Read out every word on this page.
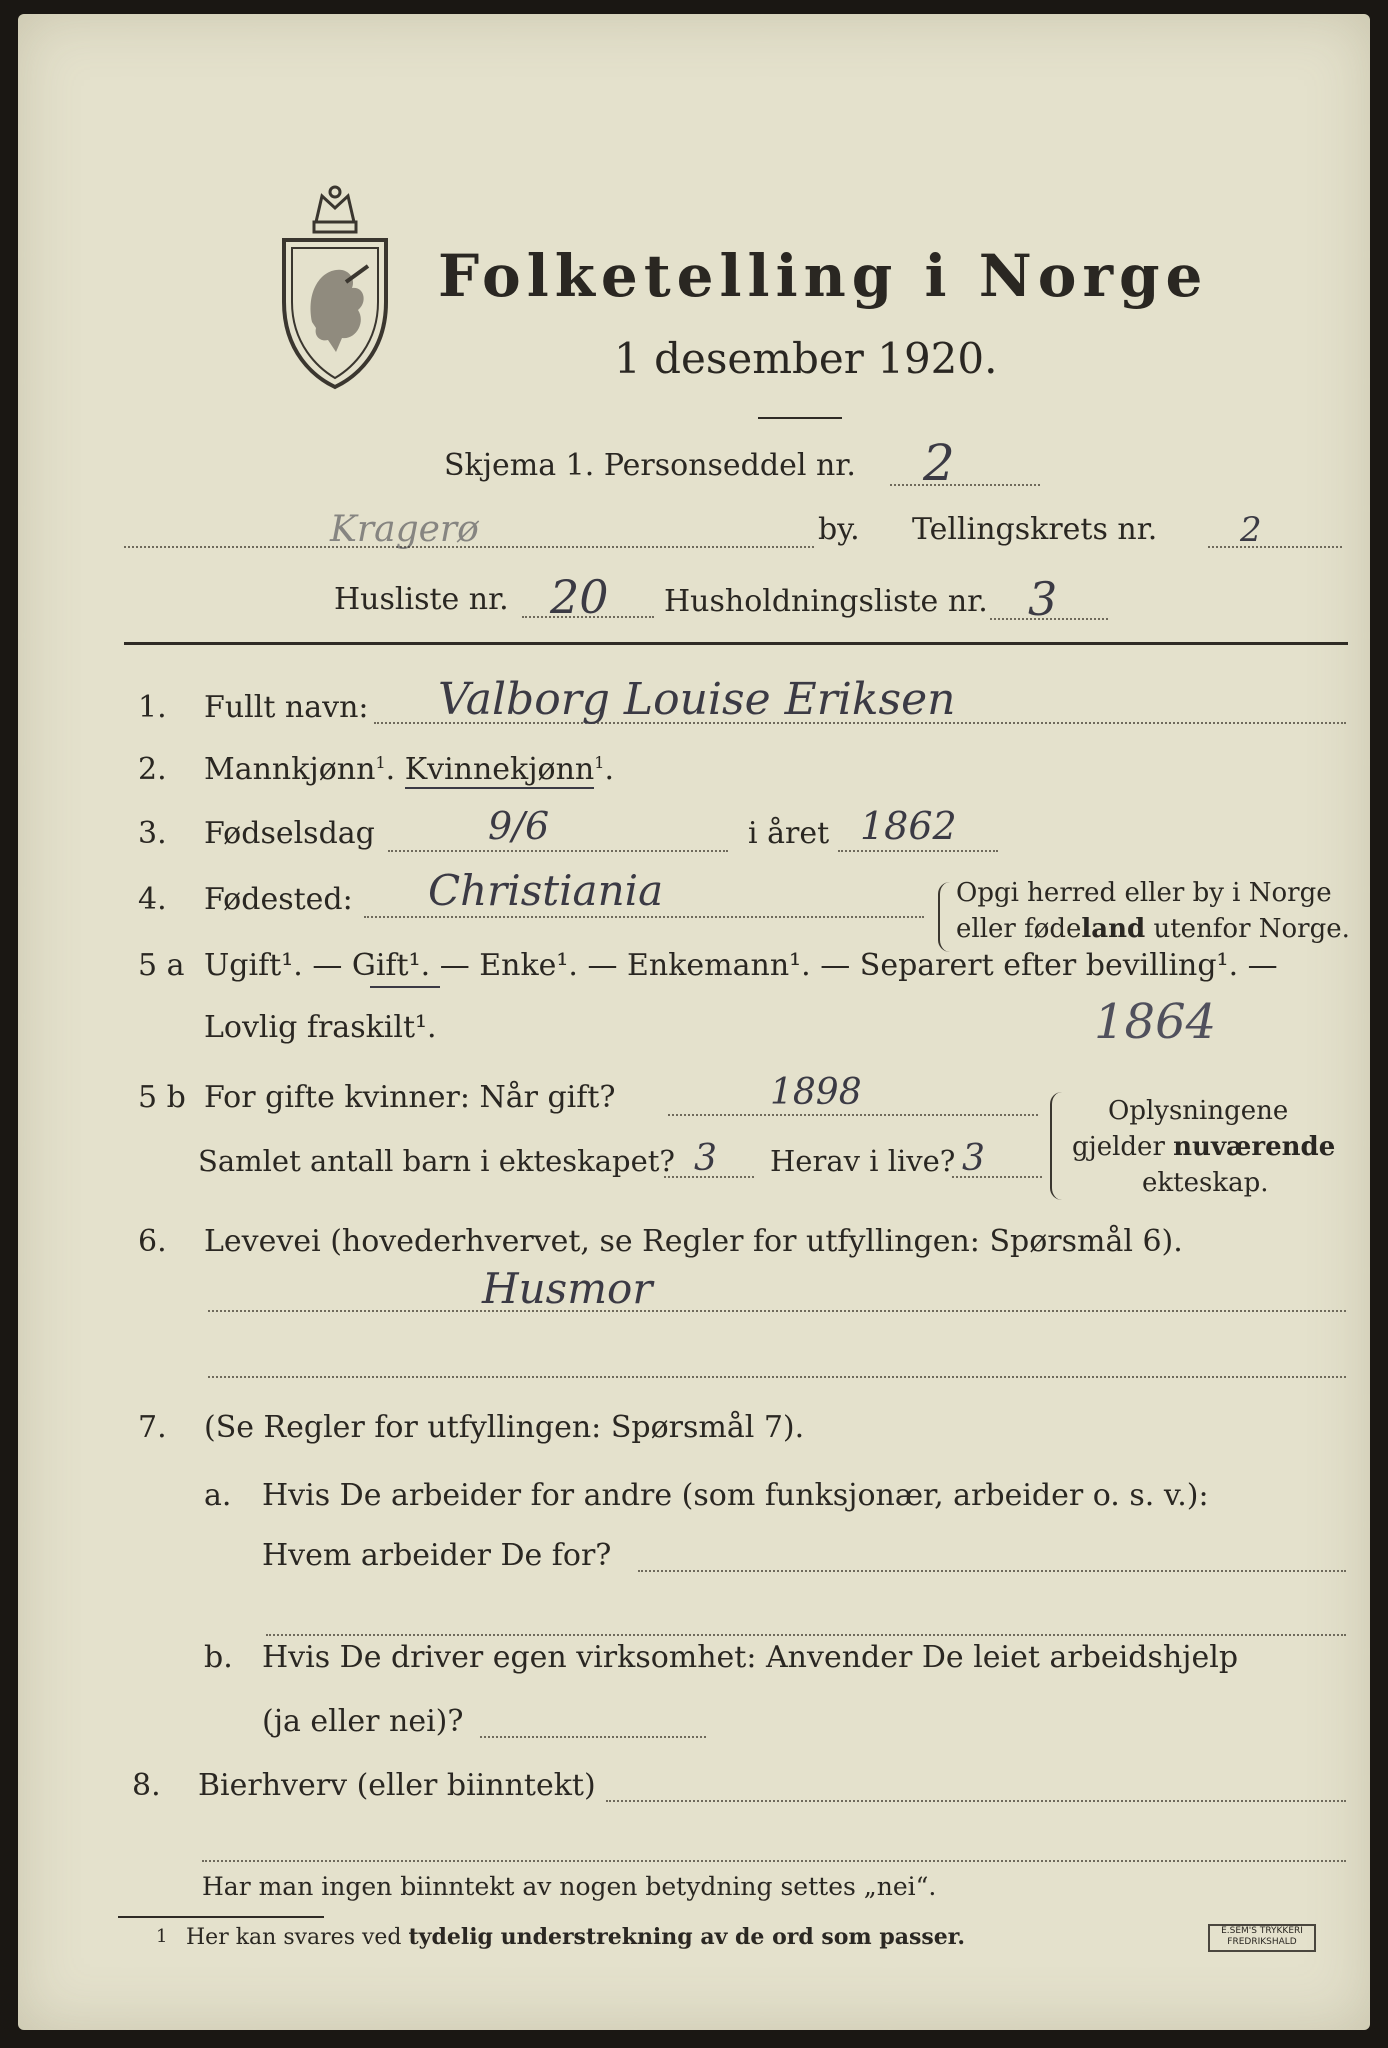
Folketelling i Norge
1 desember 1920.
Skjema 1. Personseddel nr. 2
Kragerø	by. Tellingskrets nr. 2
Husliste nr. 20 Husholdningsliste nr. 3
1. Fullt navn: Valborg Louise Eriksen
2. Mannkjønn$^1$. Kvinnekjønn$^1$.
3. Fødselsdag	9/6	i året 1862
4. Fødested: Christiania	Opgi herred eller by i Norge
eller fødeland utenfor Norge.
5 a Ugift¹. — Gift¹. — Enke¹. — Enkemann¹. — Separert efter bevilling¹. —
Lovlig fraskilt¹.	1864
5 b For gifte kvinner: Når gift?	1898
Samlet antall barn i ekteskapet? 3 Herav i live? 3
Oplysningene
gjelder nuværende
ekteskap.
6. Levevei (hovederhvervet, se Regler for utfyllingen: Spørsmål 6).
Husmor
7. (Se Regler for utfyllingen: Spørsmål 7).
a. Hvis De arbeider for andre (som funksjonær, arbeider o. s. v.):
Hvem arbeider De for?
b. Hvis De driver egen virksomhet: Anvender De leiet arbeidshjelp
(ja eller nei)?
8. Bierhverv (eller biinntekt)
Har man ingen biinntekt av nogen betydning settes „nei“.
1 Her kan svares ved tydelig understrekning av de ord som passer.	E.SEM'S TRYKKERI
FREDRIKSHALD
